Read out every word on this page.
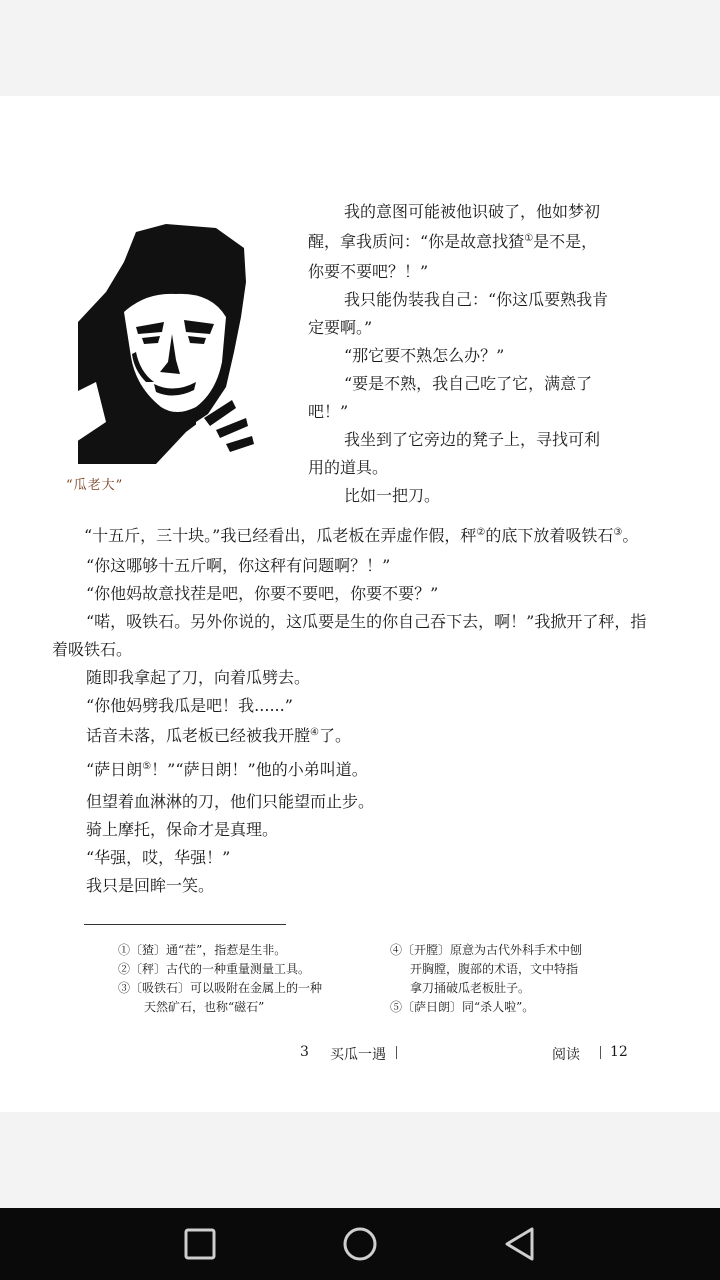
“瓜老大”
我的意图可能被他识破了，他如梦初
醒，拿我质问：“你是故意找猹①是不是，
你要不要吧？！”
我只能伪装我自己：“你这瓜要熟我肯
定要啊。”
“那它要不熟怎么办？”
“要是不熟，我自己吃了它，满意了
吧！”
我坐到了它旁边的凳子上，寻找可利
用的道具。
比如一把刀。
“十五斤，三十块。”我已经看出，瓜老板在弄虚作假，秤②的底下放着吸铁石③。
“你这哪够十五斤啊，你这秤有问题啊？！”
“你他妈故意找茬是吧，你要不要吧，你要不要？”
“喏，吸铁石。另外你说的，这瓜要是生的你自己吞下去，啊！”我掀开了秤，指
着吸铁石。
随即我拿起了刀，向着瓜劈去。
“你他妈劈我瓜是吧！我......”
话音未落，瓜老板已经被我开膛④了。
“萨日朗⑤！”“萨日朗！”他的小弟叫道。
但望着血淋淋的刀，他们只能望而止步。
骑上摩托，保命才是真理。
“华强，哎，华强！”
我只是回眸一笑。
①〔猹〕通“茬”，指惹是生非。
②〔秤〕古代的一种重量测量工具。
③〔吸铁石〕可以吸附在金属上的一种
天然矿石，也称“磁石”
④〔开膛〕原意为古代外科手术中刨
开胸膛，腹部的术语，文中特指
拿刀捅破瓜老板肚子。
⑤〔萨日朗〕同“杀人啦”。
3 买瓜一遇	阅读 12
